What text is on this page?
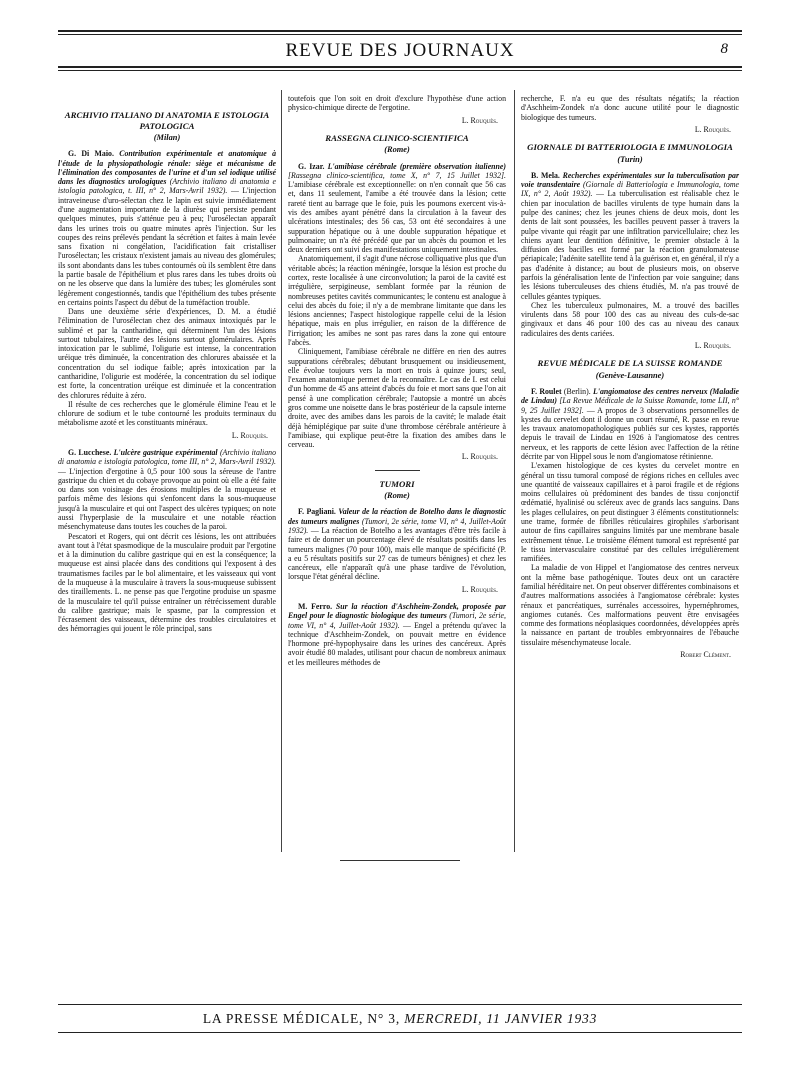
REVUE DES JOURNAUX	8
ARCHIVIO ITALIANO DI ANATOMIA E ISTOLOGIA PATOLOGICA
(Milan)

G. Di Maio. Contribution expérimentale et anatomique à l'étude de la physiopathologie rénale: siège et mécanisme de l'élimination des composantes de l'urine et d'un sel iodique utilisé dans les diagnostics urologiques (Archivio italiano di anatomia e istologia patologica, t. III, n° 2, Mars-Avril 1932). — L'injection intraveineuse d'uro-sélectan chez le lapin est suivie immédiatement d'une augmentation importante de la diurèse qui persiste pendant quelques minutes, puis s'atténue peu à peu; l'urosélectan apparaît dans les urines trois ou quatre minutes après l'injection. Sur les coupes des reins prélevés pendant la sécrétion et faites à main levée sans fixation ni congélation, l'acidification fait cristalliser l'urosélectan; les cristaux n'existent jamais au niveau des glomérules; ils sont abondants dans les tubes contournés où ils semblent être dans la partie basale de l'épithélium et plus rares dans les tubes droits où on ne les observe que dans la lumière des tubes; les glomérules sont légèrement congestionnés, tandis que l'épithélium des tubes présente en certains points l'aspect du début de la tuméfaction trouble.

Dans une deuxième série d'expériences, D. M. a étudié l'élimination de l'urosélectan chez des animaux intoxiqués par le sublimé et par la cantharidine, qui déterminent l'un des lésions surtout tubulaires, l'autre des lésions surtout glomérulaires. Après intoxication par le sublimé, l'oligurie est intense, la concentration uréique très diminuée, la concentration des chlorures abaissée et la concentration du sel iodique faible; après intoxication par la cantharidine, l'oligurie est modérée, la concentration du sel iodique est forte, la concentration uréique est diminuée et la concentration des chlorures réduite à zéro.

Il résulte de ces recherches que le glomérule élimine l'eau et le chlorure de sodium et le tube contourné les produits terminaux du métabolisme azoté et les constituants minéraux.

L. Rouquès.

G. Lucchese. L'ulcère gastrique expérimental (Archivio italiano di anatomia e istologia patologica, tome III, n° 2, Mars-Avril 1932). — L'injection d'ergotine à 0,5 pour 100 sous la séreuse de l'antre gastrique du chien et du cobaye provoque au point où elle a été faite ou dans son voisinage des érosions multiples de la muqueuse et parfois même des lésions qui s'enfoncent dans la sous-muqueuse jusqu'à la musculaire et qui ont l'aspect des ulcères typiques; on note aussi l'hyperplasie de la musculaire et une notable réaction mésenchymateuse dans toutes les couches de la paroi.

Pescatori et Rogers, qui ont décrit ces lésions, les ont attribuées avant tout à l'état spasmodique de la musculaire produit par l'ergotine et à la diminution du calibre gastrique qui en est la conséquence; la muqueuse est ainsi placée dans des conditions qui l'exposent à des traumatismes faciles par le bol alimentaire, et les vaisseaux qui vont de la muqueuse à la musculaire à travers la sous-muqueuse subissent des tiraillements. L. ne pense pas que l'ergotine produise un spasme de la musculaire tel qu'il puisse entraîner un rétrécissement durable du calibre gastrique; mais le spasme, par la compression et l'écrasement des vaisseaux, détermine des troubles circulatoires et des hémorragies qui jouent le rôle principal, sans

toutefois que l'on soit en droit d'exclure l'hypothèse d'une action physico-chimique directe de l'ergotine.

L. Rouquès.
RASSEGNA CLINICO-SCIENTIFICA
(Rome)

G. Izar. L'amibiase cérébrale (première observation italienne) [Rassegna clinico-scientifica, tome X, n° 7, 15 Juillet 1932]. L'amibiase cérébrale est exceptionnelle: on n'en connaît que 56 cas et, dans 11 seulement, l'amibe a été trouvée dans la lésion; cette rareté tient au barrage que le foie, puis les poumons exercent vis-à-vis des amibes ayant pénétré dans la circulation à la faveur des ulcérations intestinales; des 56 cas, 53 ont été secondaires à une suppuration hépatique ou à une double suppuration hépatique et pulmonaire; un n'a été précédé que par un abcès du poumon et les deux derniers ont suivi des manifestations uniquement intestinales.

Anatomiquement, il s'agit d'une nécrose colliquative plus que d'un véritable abcès; la réaction méningée, lorsque la lésion est proche du cortex, reste localisée à une circonvolution; la paroi de la cavité est irrégulière, serpigineuse, semblant formée par la réunion de nombreuses petites cavités communicantes; le contenu est analogue à celui des abcès du foie; il n'y a de membrane limitante que dans les lésions anciennes; l'aspect histologique rappelle celui de la lésion hépatique, mais en plus irrégulier, en raison de la différence de l'irrigation; les amibes ne sont pas rares dans la zone qui entoure l'abcès.

Cliniquement, l'amibiase cérébrale ne diffère en rien des autres suppurations cérébrales; débutant brusquement ou insidieusement, elle évolue toujours vers la mort en trois à quinze jours; seul, l'examen anatomique permet de la reconnaître. Le cas de I. est celui d'un homme de 45 ans atteint d'abcès du foie et mort sans que l'on ait pensé à une complication cérébrale; l'autopsie a montré un abcès gros comme une noisette dans le bras postérieur de la capsule interne droite, avec des amibes dans les parois de la cavité; le malade était déjà hémiplégique par suite d'une thrombose cérébrale antérieure à l'amibiase, qui explique peut-être la fixation des amibes dans le cerveau.

L. Rouquès.
TUMORI
(Rome)

F. Pagliani. Valeur de la réaction de Botelho dans le diagnostic des tumeurs malignes (Tumori, 2e série, tome VI, n° 4, Juillet-Août 1932). — La réaction de Botelho a les avantages d'être très facile à faire et de donner un pourcentage élevé de résultats positifs dans les tumeurs malignes (70 pour 100), mais elle manque de spécificité (P. a eu 5 résultats positifs sur 27 cas de tumeurs bénignes) et chez les cancéreux, elle n'apparaît qu'à une phase tardive de l'évolution, lorsque l'état général décline.

L. Rouquès.

M. Ferro. Sur la réaction d'Aschheim-Zondek, proposée par Engel pour le diagnostic biologique des tumeurs (Tumori, 2e série, tome VI, n° 4, Juillet-Août 1932). — Engel a prétendu qu'avec la technique d'Aschheim-Zondek, on pouvait mettre en évidence l'hormone pré-hypophysaire dans les urines des cancéreux. Après avoir étudié 80 malades, utilisant pour chacun de nombreux animaux et les meilleures méthodes de

recherche, F. n'a eu que des résultats négatifs; la réaction d'Aschheim-Zondek n'a donc aucune utilité pour le diagnostic biologique des tumeurs.

L. Rouquès.
GIORNALE DI BATTERIOLOGIA E IMMUNOLOGIA
(Turin)

B. Mela. Recherches expérimentales sur la tuberculisation par voie transdentaire (Giornale di Batteriologia e Immunologia, tome IX, n° 2, Août 1932). — La tuberculisation est réalisable chez le chien par inoculation de bacilles virulents de type humain dans la pulpe des canines; chez les jeunes chiens de deux mois, dont les dents de lait sont poussées, les bacilles peuvent passer à travers la pulpe vivante qui réagit par une infiltration parvicellulaire; chez les chiens ayant leur dentition définitive, le premier obstacle à la diffusion des bacilles est formé par la réaction granulomateuse périapicale; l'adénite satellite tend à la guérison et, en général, il n'y a pas d'adénite à distance; au bout de plusieurs mois, on observe parfois la généralisation lente de l'infection par voie sanguine; dans les lésions tuberculeuses des chiens étudiés, M. n'a pas trouvé de cellules géantes typiques.

Chez les tuberculeux pulmonaires, M. a trouvé des bacilles virulents dans 58 pour 100 des cas au niveau des culs-de-sac gingivaux et dans 46 pour 100 des cas au niveau des canaux radiculaires des dents cariées.

L. Rouquès.
REVUE MÉDICALE DE LA SUISSE ROMANDE
(Genève-Lausanne)

F. Roulet (Berlin). L'angiomatose des centres nerveux (Maladie de Lindau) [La Revue Médicale de la Suisse Romande, tome LII, n° 9, 25 Juillet 1932]. — A propos de 3 observations personnelles de kystes du cervelet dont il donne un court résumé, R. passe en revue les travaux anatomopathologiques publiés sur ces kystes, rapportés depuis le travail de Lindau en 1926 à l'angiomatose des centres nerveux, et les rapports de cette lésion avec l'affection de la rétine décrite par von Hippel sous le nom d'angiomatose rétinienne.

L'examen histologique de ces kystes du cervelet montre en général un tissu tumoral composé de régions riches en cellules avec une quantité de vaisseaux capillaires et à paroi fragile et de régions moins cellulaires où prédominent des bandes de tissu conjonctif œdématié, hyalinisé ou scléreux avec de grands lacs sanguins. Dans les plages cellulaires, on peut distinguer 3 éléments constitutionnels: une trame, formée de fibrilles réticulaires girophiles s'arborisant autour de fins capillaires sanguins limités par une membrane basale extrêmement ténue. Le troisième élément tumoral est représenté par le tissu intervasculaire constitué par des cellules irrégulièrement ramifiées.

La maladie de von Hippel et l'angiomatose des centres nerveux ont la même base pathogénique. Toutes deux ont un caractère familial héréditaire net. On peut observer différentes combinaisons et d'autres malformations associées à l'angiomatose cérébrale: kystes rénaux et pancréatiques, surrénales accessoires, hypernéphromes, angiomes cutanés. Ces malformations peuvent être envisagées comme des formations néoplasiques coordonnées, développées après la naissance en partant de troubles embryonnaires de l'ébauche tissulaire mésenchymateuse locale.

Robert Clément.
LA PRESSE MÉDICALE, N° 3, MERCREDI, 11 JANVIER 1933
